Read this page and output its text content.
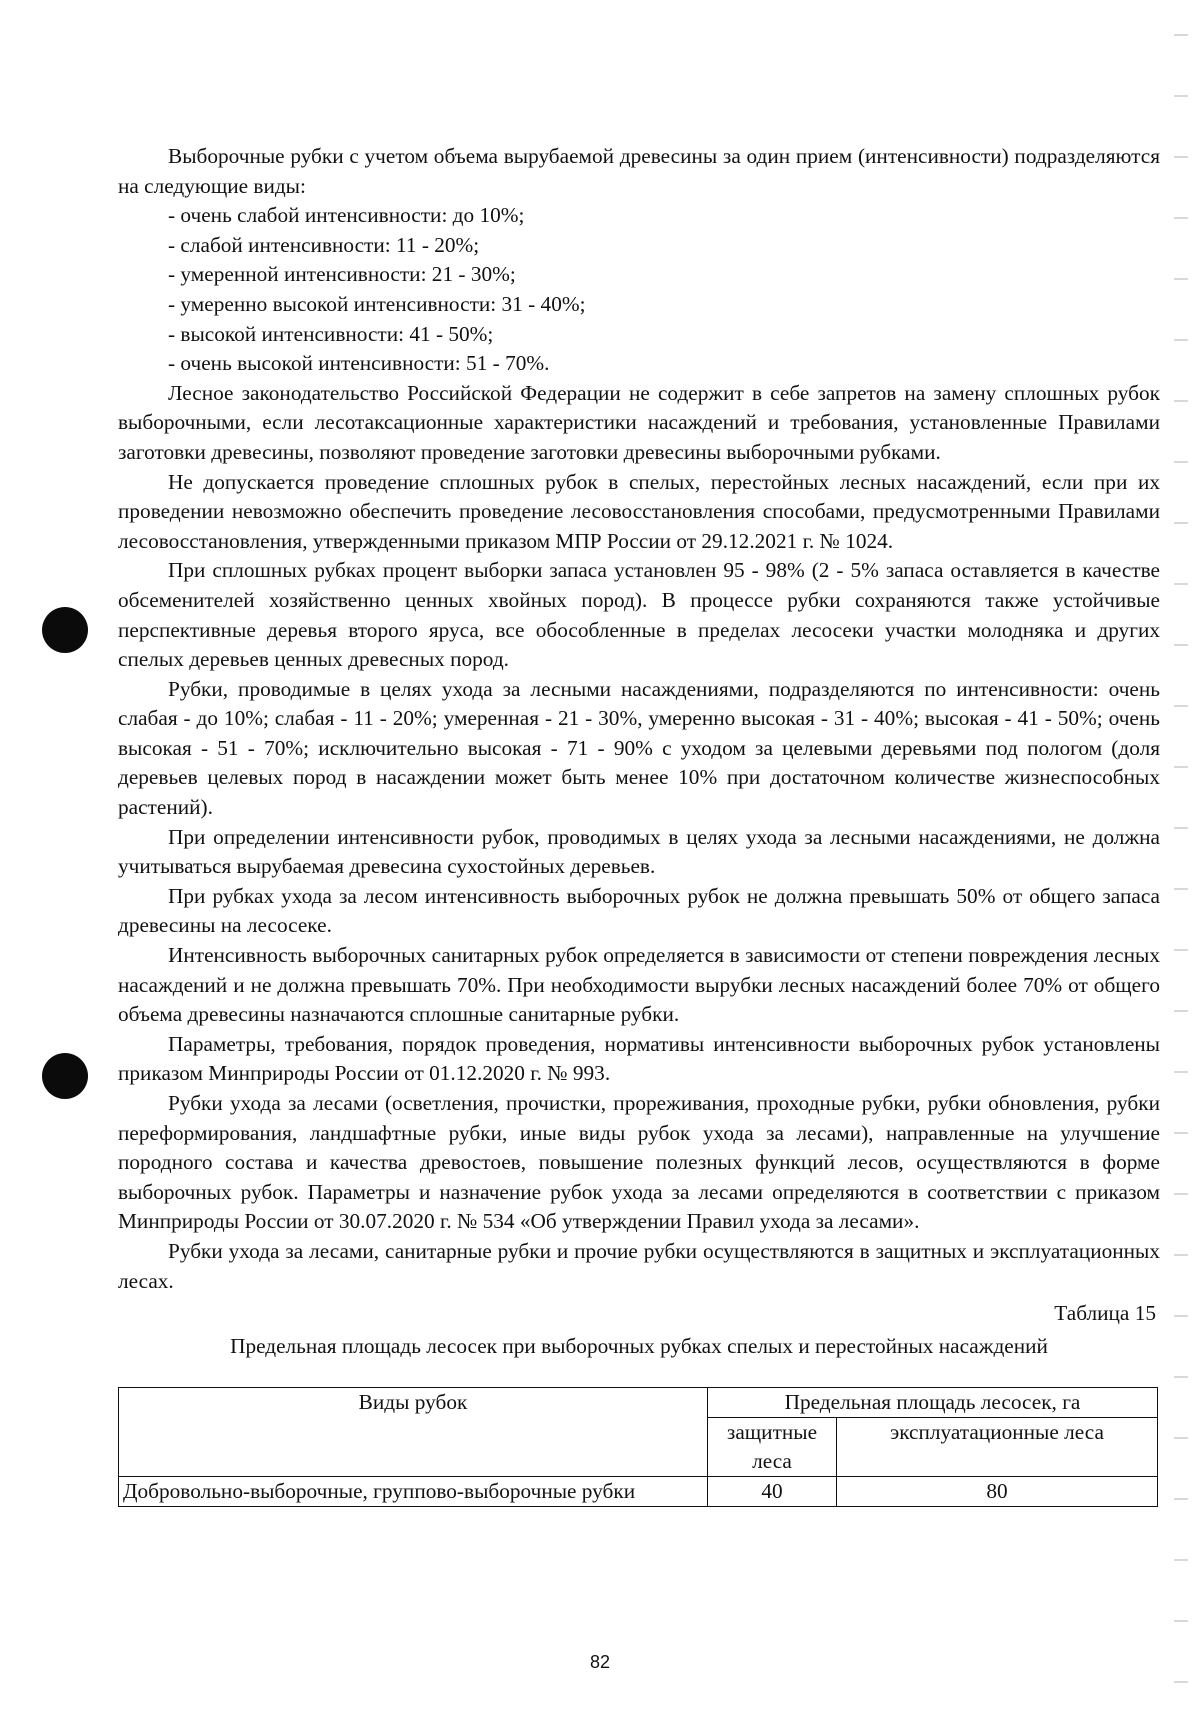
Выборочные рубки с учетом объема вырубаемой древесины за один прием (интенсивности) подразделяются на следующие виды:

- очень слабой интенсивности: до 10%;
- слабой интенсивности: 11 - 20%;
- умеренной интенсивности: 21 - 30%;
- умеренно высокой интенсивности: 31 - 40%;
- высокой интенсивности: 41 - 50%;
- очень высокой интенсивности: 51 - 70%.

Лесное законодательство Российской Федерации не содержит в себе запретов на замену сплошных рубок выборочными, если лесотаксационные характеристики насаждений и требования, установленные Правилами заготовки древесины, позволяют проведение заготовки древесины выборочными рубками.

Не допускается проведение сплошных рубок в спелых, перестойных лесных насаждений, если при их проведении невозможно обеспечить проведение лесовосстановления способами, предусмотренными Правилами лесовосстановления, утвержденными приказом МПР России от 29.12.2021 г. № 1024.

При сплошных рубках процент выборки запаса установлен 95 - 98% (2 - 5% запаса оставляется в качестве обсеменителей хозяйственно ценных хвойных пород). В процессе рубки сохраняются также устойчивые перспективные деревья второго яруса, все обособленные в пределах лесосеки участки молодняка и других спелых деревьев ценных древесных пород.

Рубки, проводимые в целях ухода за лесными насаждениями, подразделяются по интенсивности: очень слабая - до 10%; слабая - 11 - 20%; умеренная - 21 - 30%, умеренно высокая - 31 - 40%; высокая - 41 - 50%; очень высокая - 51 - 70%; исключительно высокая - 71 - 90% с уходом за целевыми деревьями под пологом (доля деревьев целевых пород в насаждении может быть менее 10% при достаточном количестве жизнеспособных растений).

При определении интенсивности рубок, проводимых в целях ухода за лесными насаждениями, не должна учитываться вырубаемая древесина сухостойных деревьев.

При рубках ухода за лесом интенсивность выборочных рубок не должна превышать 50% от общего запаса древесины на лесосеке.

Интенсивность выборочных санитарных рубок определяется в зависимости от степени повреждения лесных насаждений и не должна превышать 70%. При необходимости вырубки лесных насаждений более 70% от общего объема древесины назначаются сплошные санитарные рубки.

Параметры, требования, порядок проведения, нормативы интенсивности выборочных рубок установлены приказом Минприроды России от 01.12.2020 г. № 993.

Рубки ухода за лесами (осветления, прочистки, прореживания, проходные рубки, рубки обновления, рубки переформирования, ландшафтные рубки, иные виды рубок ухода за лесами), направленные на улучшение породного состава и качества древостоев, повышение полезных функций лесов, осуществляются в форме выборочных рубок. Параметры и назначение рубок ухода за лесами определяются в соответствии с приказом Минприроды России от 30.07.2020 г. № 534 «Об утверждении Правил ухода за лесами».

Рубки ухода за лесами, санитарные рубки и прочие рубки осуществляются в защитных и эксплуатационных лесах.

Таблица 15
Предельная площадь лесосек при выборочных рубках спелых и перестойных насаждений
Виды рубок	Предельная площадь лесосек, га	
	защитные леса	эксплуатационные леса
Добровольно-выборочные, группово-выборочные рубки	40	80
82
